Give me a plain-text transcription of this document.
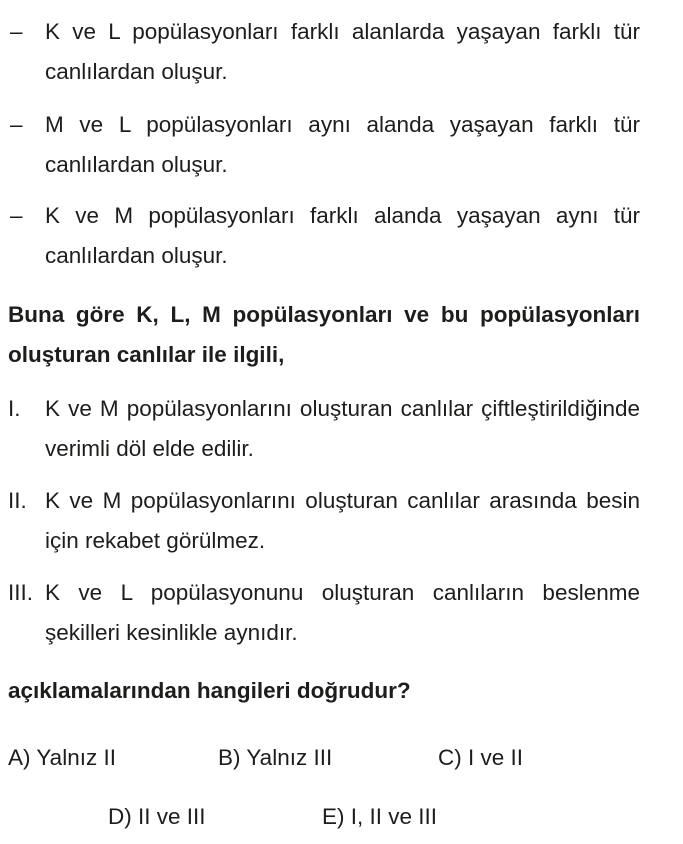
– K ve L popülasyonları farklı alanlarda yaşayan farklı tür canlılardan oluşur.
– M ve L popülasyonları aynı alanda yaşayan farklı tür canlılardan oluşur.
– K ve M popülasyonları farklı alanda yaşayan aynı tür canlılardan oluşur.
Buna göre K, L, M popülasyonları ve bu popülasyonları oluşturan canlılar ile ilgili,
I. K ve M popülasyonlarını oluşturan canlılar çiftleştirildiğinde verimli döl elde edilir.
II. K ve M popülasyonlarını oluşturan canlılar arasında besin için rekabet görülmez.
III. K ve L popülasyonunu oluşturan canlıların beslenme şekilleri kesinlikle aynıdır.
açıklamalarından hangileri doğrudur?
A) Yalnız II	B) Yalnız III	C) I ve II
D) II ve III	E) I, II ve III
